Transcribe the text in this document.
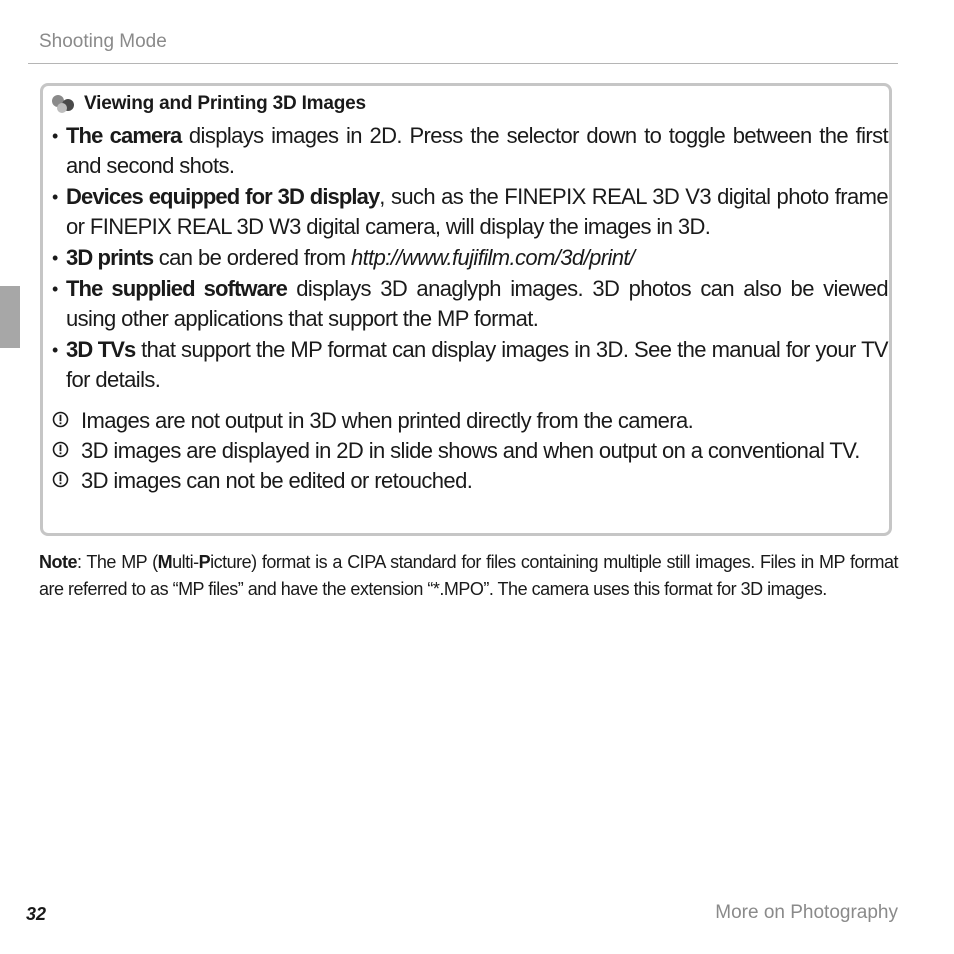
Shooting Mode
Viewing and Printing 3D Images
• The camera displays images in 2D. Press the selector down to toggle between the first and second shots.
• Devices equipped for 3D display, such as the FINEPIX REAL 3D V3 digital photo frame or FINEPIX REAL 3D W3 digital camera, will display the images in 3D.
• 3D prints can be ordered from http://www.fujifilm.com/3d/print/
• The supplied software displays 3D anaglyph images. 3D photos can also be viewed using other applications that support the MP format.
• 3D TVs that support the MP format can display images in 3D. See the manual for your TV for details.
Images are not output in 3D when printed directly from the camera.
3D images are displayed in 2D in slide shows and when output on a conventional TV.
3D images can not be edited or retouched.
Note: The MP (Multi-Picture) format is a CIPA standard for files containing multiple still images. Files in MP format are referred to as “MP files” and have the extension “*.MPO”. The camera uses this format for 3D images.
32	More on Photography
